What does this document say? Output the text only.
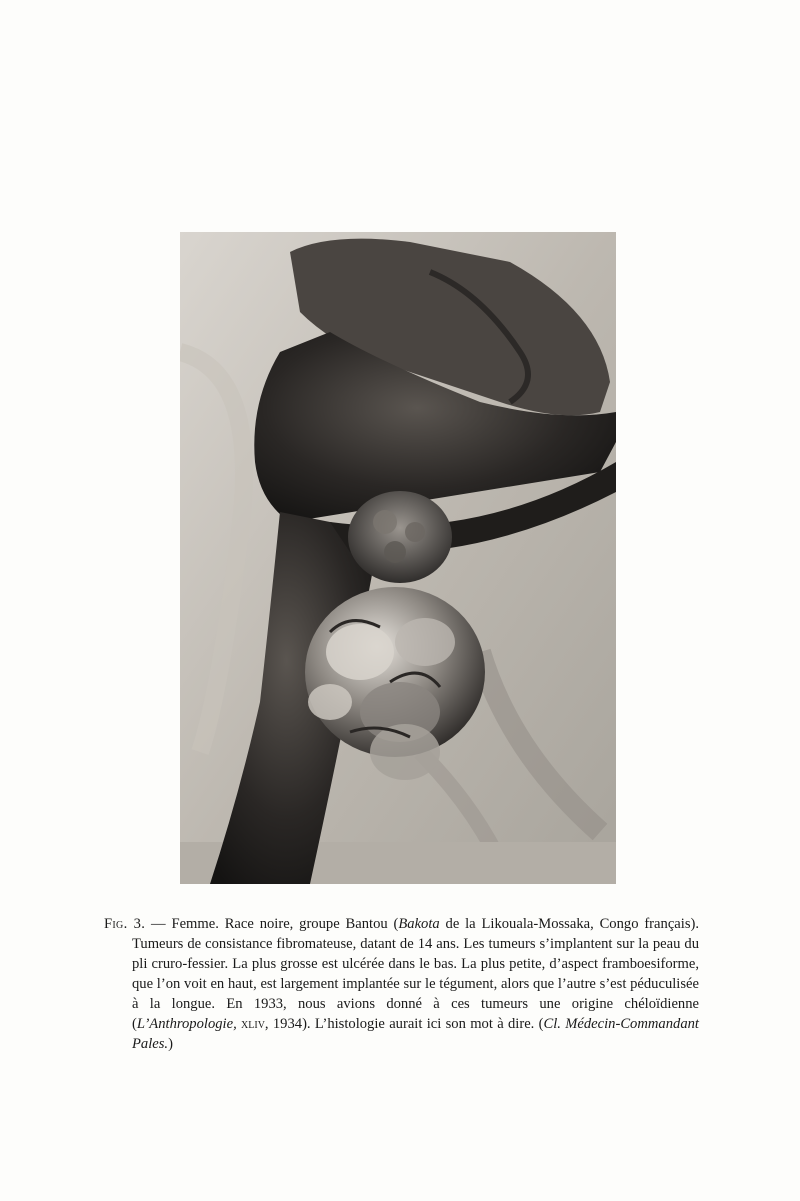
Fig. 3. — Femme. Race noire, groupe Bantou (Bakota de la Likouala-Mossaka, Congo français). Tumeurs de consistance fibromateuse, datant de 14 ans. Les tumeurs s’implantent sur la peau du pli cruro-fessier. La plus grosse est ulcérée dans le bas. La plus petite, d’aspect framboesiforme, que l’on voit en haut, est largement implantée sur le tégument, alors que l’autre s’est péduculisée à la longue. En 1933, nous avions donné à ces tumeurs une origine chéloïdienne (L’Anthropologie, xliv, 1934). L’histologie aurait ici son mot à dire. (Cl. Médecin-Commandant Pales.)
